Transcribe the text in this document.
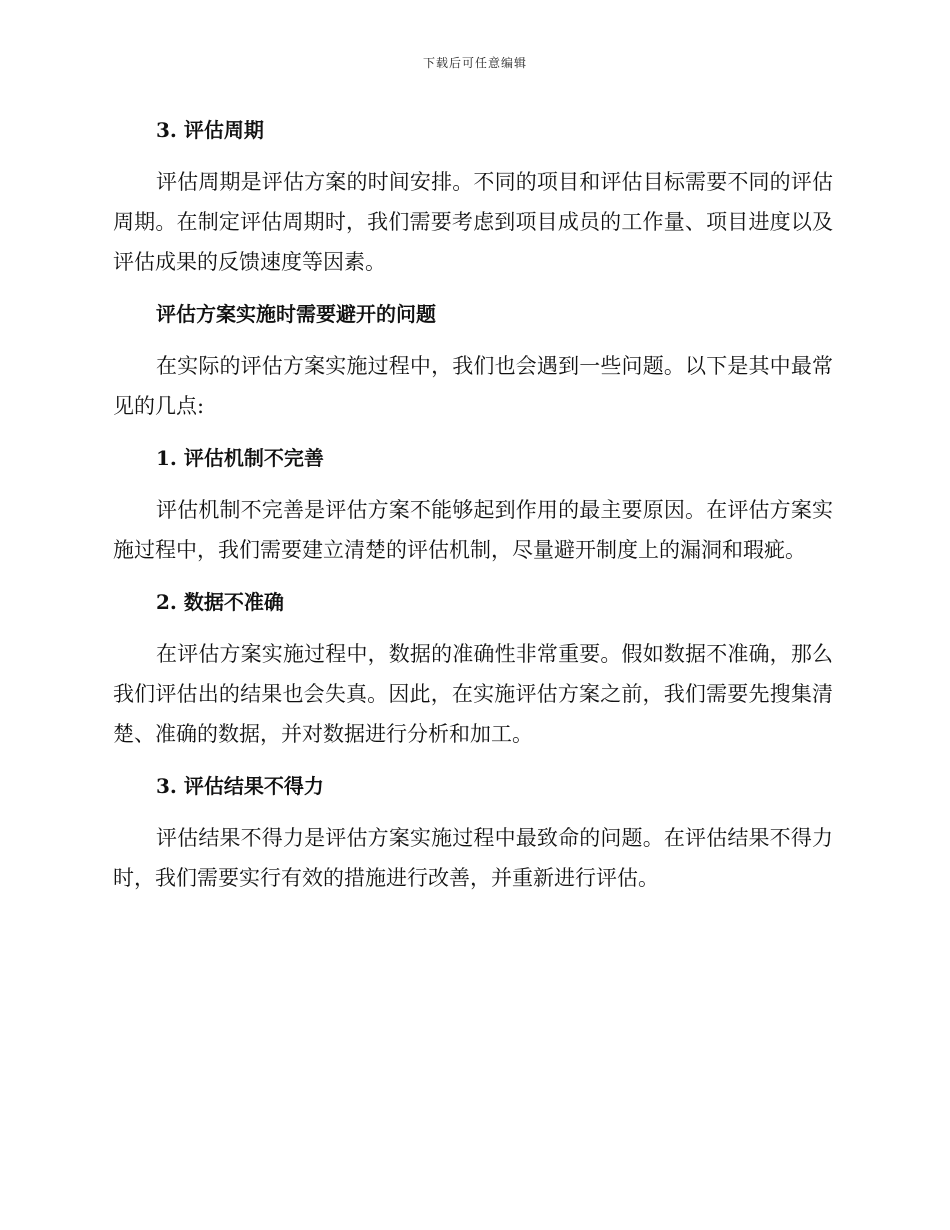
下载后可任意编辑
3. 评估周期

评估周期是评估方案的时间安排。不同的项目和评估目标需要不同的评估周期。在制定评估周期时，我们需要考虑到项目成员的工作量、项目进度以及评估成果的反馈速度等因素。

评估方案实施时需要避开的问题

在实际的评估方案实施过程中，我们也会遇到一些问题。以下是其中最常见的几点:

1. 评估机制不完善

评估机制不完善是评估方案不能够起到作用的最主要原因。在评估方案实施过程中，我们需要建立清楚的评估机制，尽量避开制度上的漏洞和瑕疵。

2. 数据不准确

在评估方案实施过程中，数据的准确性非常重要。假如数据不准确，那么我们评估出的结果也会失真。因此，在实施评估方案之前，我们需要先搜集清楚、准确的数据，并对数据进行分析和加工。

3. 评估结果不得力

评估结果不得力是评估方案实施过程中最致命的问题。在评估结果不得力时，我们需要实行有效的措施进行改善，并重新进行评估。
